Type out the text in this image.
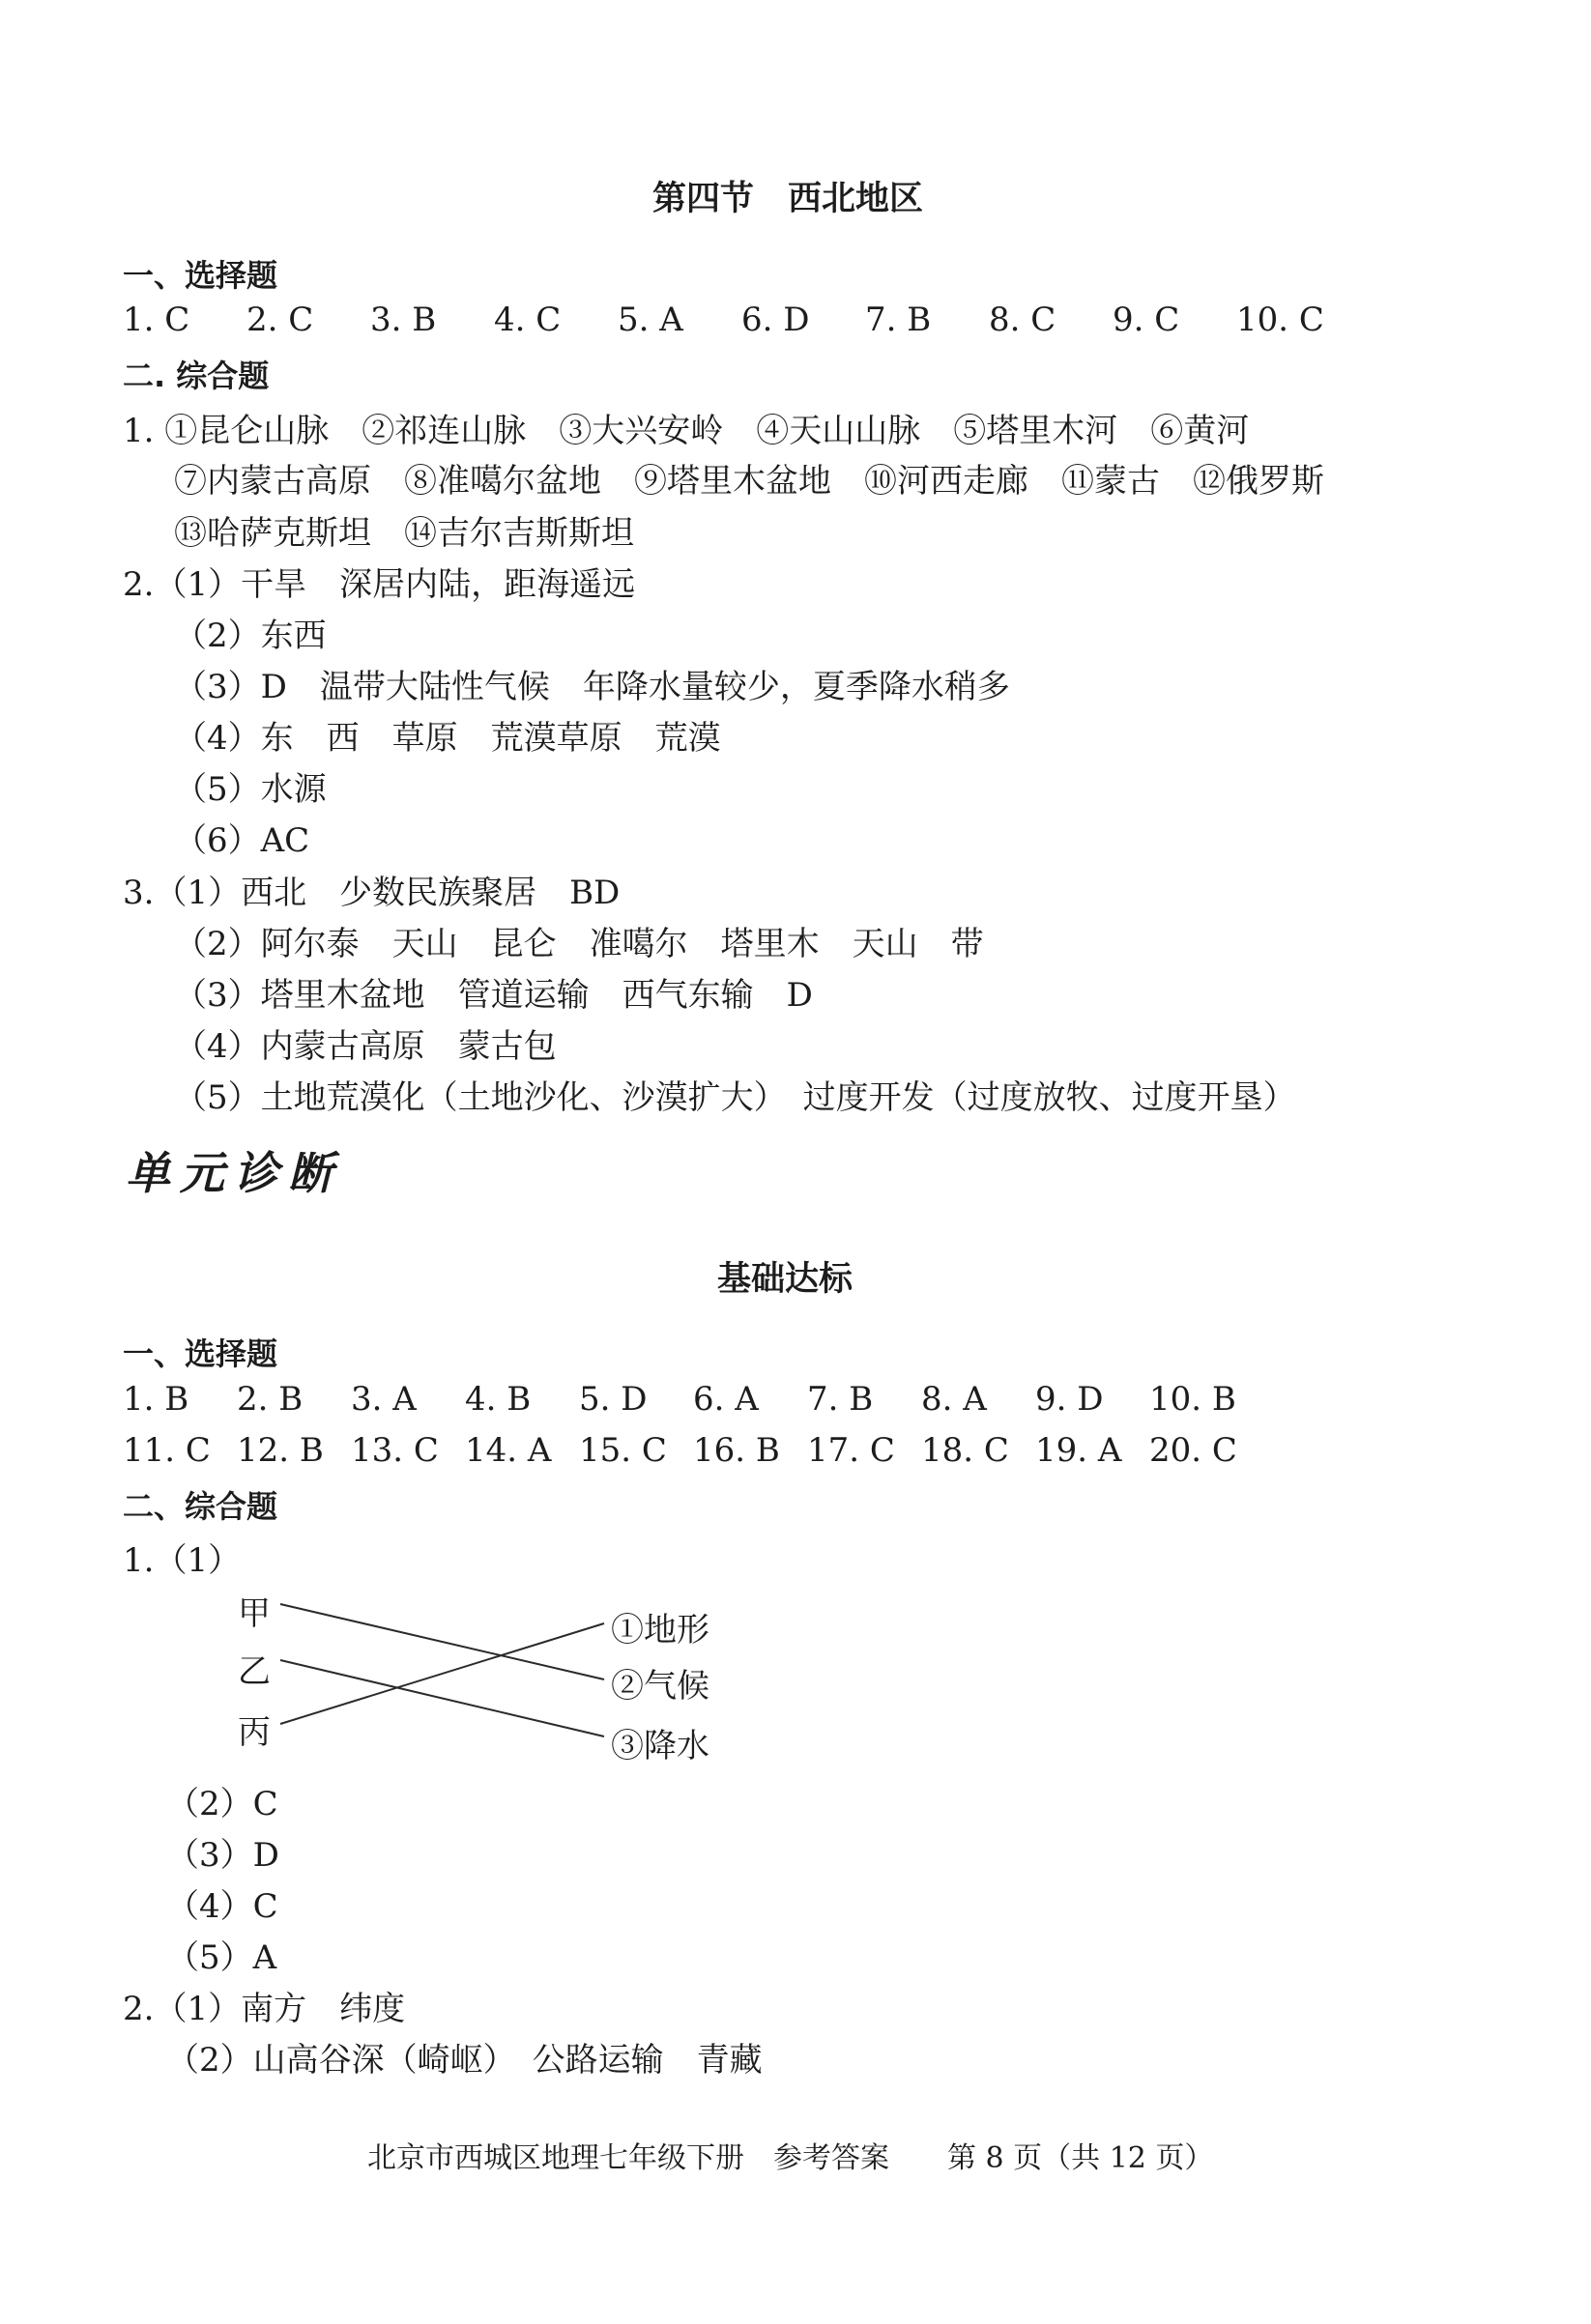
第四节　西北地区
一、选择题
1. C 2. C 3. B 4. C 5. A 6. D 7. B 8. C 9. C 10. C
二. 综合题
1. ①昆仑山脉　②祁连山脉　③大兴安岭　④天山山脉　⑤塔里木河　⑥黄河
⑦内蒙古高原　⑧准噶尔盆地　⑨塔里木盆地　⑩河西走廊　⑪蒙古　⑫俄罗斯
⑬哈萨克斯坦　⑭吉尔吉斯斯坦
2.（1）干旱　深居内陆，距海遥远
（2）东西
（3）D　温带大陆性气候　年降水量较少，夏季降水稍多
（4）东　西　草原　荒漠草原　荒漠
（5）水源
（6）AC
3.（1）西北　少数民族聚居　BD
（2）阿尔泰　天山　昆仑　准噶尔　塔里木　天山　带
（3）塔里木盆地　管道运输　西气东输　D
（4）内蒙古高原　蒙古包
（5）土地荒漠化（土地沙化、沙漠扩大）　过度开发（过度放牧、过度开垦）
单元诊断
基础达标
一、选择题
1. B 2. B 3. A 4. B 5. D 6. A 7. B 8. A 9. D 10. B
11. C 12. B 13. C 14. A 15. C 16. B 17. C 18. C 19. A 20. C
二、综合题
1.（1）
甲
乙
丙
①地形
②气候
③降水
（2）C
（3）D
（4）C
（5）A
2.（1）南方　纬度
（2）山高谷深（崎岖）　公路运输　青藏
北京市西城区地理七年级下册　参考答案　　第 8 页（共 12 页）
